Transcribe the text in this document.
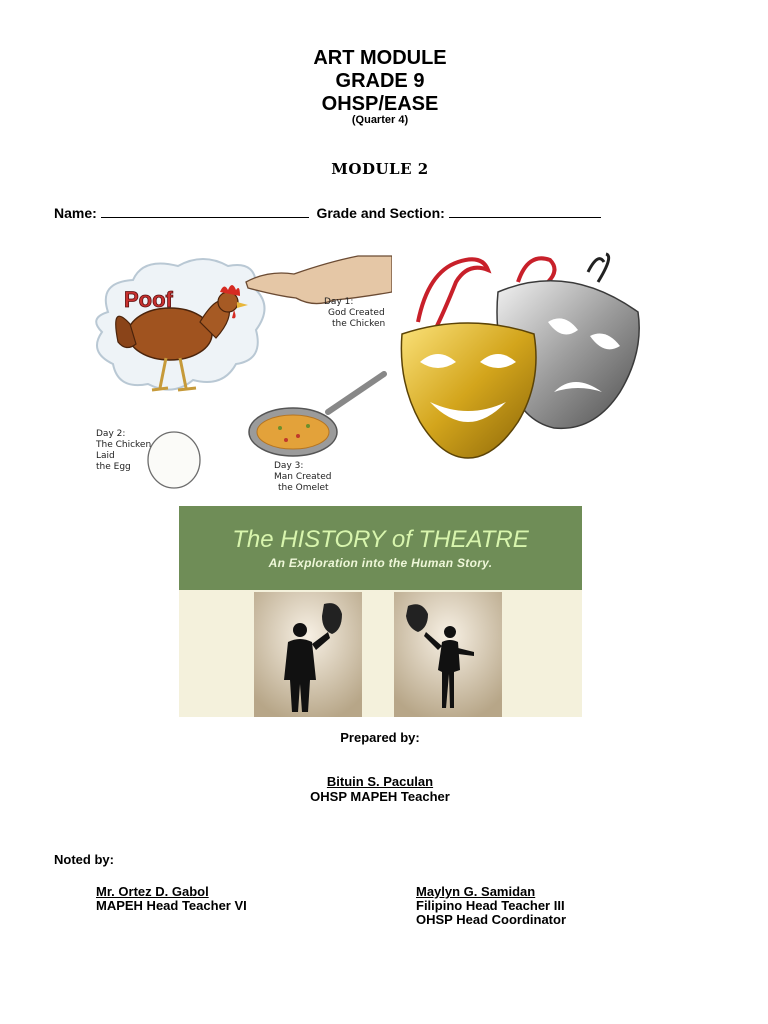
ART MODULE
GRADE 9
OHSP/EASE
(Quarter 4)
MODULE 2
Name:	Grade and Section:
Poof	Day 1: God Created the Chicken
Day 2: The Chicken Laid the Egg	Day 3: Man Created the Omelet
The HISTORY of THEATRE
An Exploration into the Human Story.
Prepared by:
Bituin S. Paculan
OHSP MAPEH Teacher
Noted by:
Mr. Ortez D. Gabol
MAPEH Head Teacher VI
Maylyn G. Samidan
Filipino Head Teacher III
OHSP Head Coordinator
